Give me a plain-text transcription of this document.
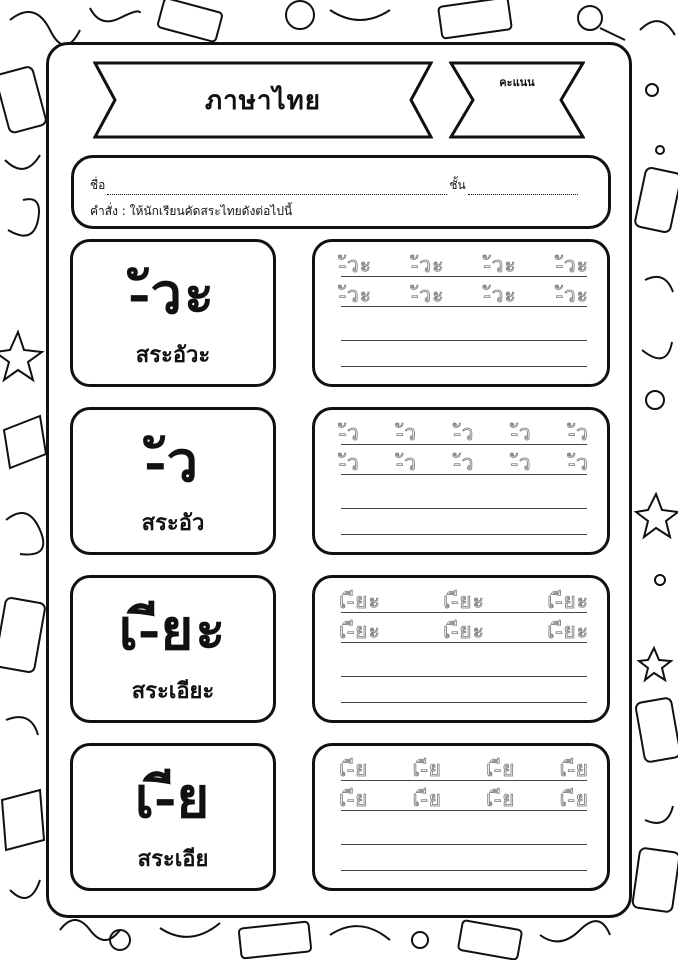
ภาษาไทย
คะแนน
ชื่อ	ชั้น
คำสั่ง : ให้นักเรียนคัดสระไทยดังต่อไปนี้
-ัวะ
สระอัวะ
-ัวะ -ัวะ -ัวะ -ัวะ
-ัวะ -ัวะ -ัวะ -ัวะ
-ัว
สระอัว
-ัว -ัว -ัว -ัว -ัว
-ัว -ัว -ัว -ัว -ัว
เ-ียะ
สระเอียะ
เ-ียะ	เ-ียะ	เ-ียะ
เ-ียะ	เ-ียะ	เ-ียะ
เ-ีย
สระเอีย
เ-ีย เ-ีย เ-ีย เ-ีย
เ-ีย เ-ีย เ-ีย เ-ีย
